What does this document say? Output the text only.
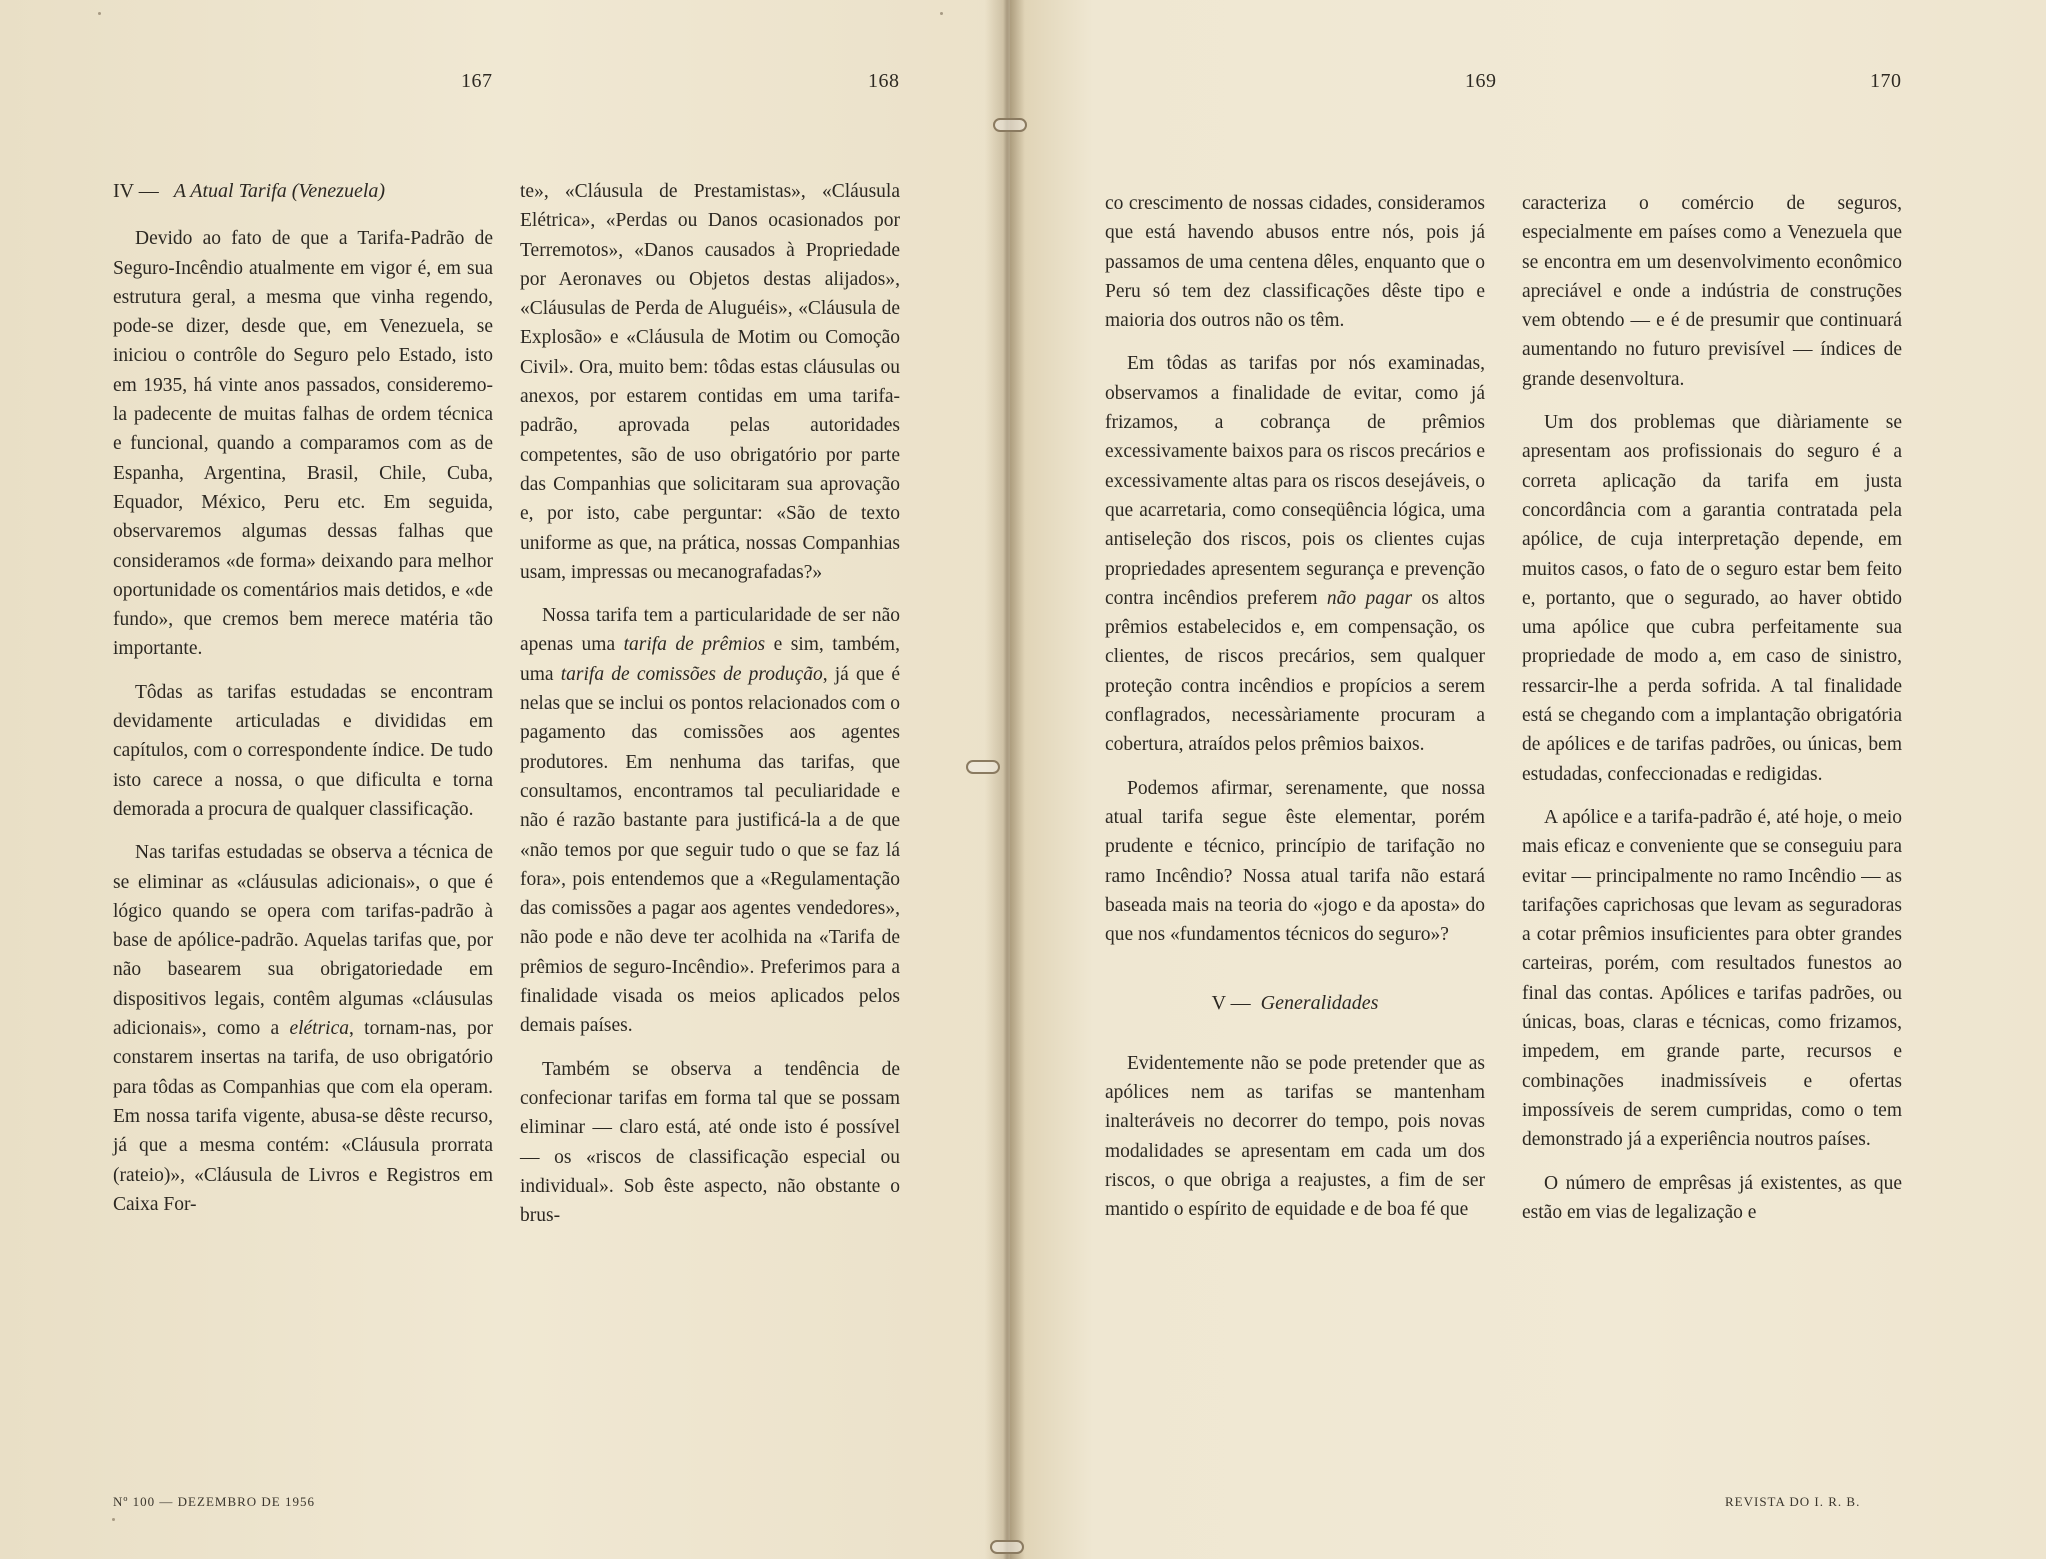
167	168	169	170

IV — A Atual Tarifa (Venezuela)

Devido ao fato de que a Tarifa-Padrão de Seguro-Incêndio atualmente em vigor é, em sua estrutura geral, a mesma que vinha regendo, pode-se dizer, desde que, em Venezuela, se iniciou o contrôle do Seguro pelo Estado, isto em 1935, há vinte anos passados, consideremo-la padecente de muitas falhas de ordem técnica e funcional, quando a comparamos com as de Espanha, Argentina, Brasil, Chile, Cuba, Equador, México, Peru etc. Em seguida, observaremos algumas dessas falhas que consideramos «de forma» deixando para melhor oportunidade os comentários mais detidos, e «de fundo», que cremos bem merece matéria tão importante.

Tôdas as tarifas estudadas se encontram devidamente articuladas e divididas em capítulos, com o correspondente índice. De tudo isto carece a nossa, o que dificulta e torna demorada a procura de qualquer classificação.

Nas tarifas estudadas se observa a técnica de se eliminar as «cláusulas adicionais», o que é lógico quando se opera com tarifas-padrão à base de apólice-padrão. Aquelas tarifas que, por não basearem sua obrigatoriedade em dispositivos legais, contêm algumas «cláusulas adicionais», como a elétrica, tornam-nas, por constarem insertas na tarifa, de uso obrigatório para tôdas as Companhias que com ela operam. Em nossa tarifa vigente, abusa-se dêste recurso, já que a mesma contém: «Cláusula prorrata (rateio)», «Cláusula de Livros e Registros em Caixa For-

te», «Cláusula de Prestamistas», «Cláusula Elétrica», «Perdas ou Danos ocasionados por Terremotos», «Danos causados à Propriedade por Aeronaves ou Objetos destas alijados», «Cláusulas de Perda de Aluguéis», «Cláusula de Explosão» e «Cláusula de Motim ou Comoção Civil». Ora, muito bem: tôdas estas cláusulas ou anexos, por estarem contidas em uma tarifa-padrão, aprovada pelas autoridades competentes, são de uso obrigatório por parte das Companhias que solicitaram sua aprovação e, por isto, cabe perguntar: «São de texto uniforme as que, na prática, nossas Companhias usam, impressas ou mecanografadas?»

Nossa tarifa tem a particularidade de ser não apenas uma tarifa de prêmios e sim, também, uma tarifa de comissões de produção, já que é nelas que se inclui os pontos relacionados com o pagamento das comissões aos agentes produtores. Em nenhuma das tarifas, que consultamos, encontramos tal peculiaridade e não é razão bastante para justificá-la a de que «não temos por que seguir tudo o que se faz lá fora», pois entendemos que a «Regulamentação das comissões a pagar aos agentes vendedores», não pode e não deve ter acolhida na «Tarifa de prêmios de seguro-Incêndio». Preferimos para a finalidade visada os meios aplicados pelos demais países.

Também se observa a tendência de confecionar tarifas em forma tal que se possam eliminar — claro está, até onde isto é possível — os «riscos de classificação especial ou individual». Sob êste aspecto, não obstante o brus-

co crescimento de nossas cidades, consideramos que está havendo abusos entre nós, pois já passamos de uma centena dêles, enquanto que o Peru só tem dez classificações dêste tipo e maioria dos outros não os têm.

Em tôdas as tarifas por nós examinadas, observamos a finalidade de evitar, como já frizamos, a cobrança de prêmios excessivamente baixos para os riscos precários e excessivamente altas para os riscos desejáveis, o que acarretaria, como conseqüência lógica, uma antiseleção dos riscos, pois os clientes cujas propriedades apresentem segurança e prevenção contra incêndios preferem não pagar os altos prêmios estabelecidos e, em compensação, os clientes, de riscos precários, sem qualquer proteção contra incêndios e propícios a serem conflagrados, necessàriamente procuram a cobertura, atraídos pelos prêmios baixos.

Podemos afirmar, serenamente, que nossa atual tarifa segue êste elementar, porém prudente e técnico, princípio de tarifação no ramo Incêndio? Nossa atual tarifa não estará baseada mais na teoria do «jogo e da aposta» do que nos «fundamentos técnicos do seguro»?

V — Generalidades

Evidentemente não se pode pretender que as apólices nem as tarifas se mantenham inalteráveis no decorrer do tempo, pois novas modalidades se apresentam em cada um dos riscos, o que obriga a reajustes, a fim de ser mantido o espírito de equidade e de boa fé que

caracteriza o comércio de seguros, especialmente em países como a Venezuela que se encontra em um desenvolvimento econômico apreciável e onde a indústria de construções vem obtendo — e é de presumir que continuará aumentando no futuro previsível — índices de grande desenvoltura.

Um dos problemas que diàriamente se apresentam aos profissionais do seguro é a correta aplicação da tarifa em justa concordância com a garantia contratada pela apólice, de cuja interpretação depende, em muitos casos, o fato de o seguro estar bem feito e, portanto, que o segurado, ao haver obtido uma apólice que cubra perfeitamente sua propriedade de modo a, em caso de sinistro, ressarcir-lhe a perda sofrida. A tal finalidade está se chegando com a implantação obrigatória de apólices e de tarifas padrões, ou únicas, bem estudadas, confeccionadas e redigidas.

A apólice e a tarifa-padrão é, até hoje, o meio mais eficaz e conveniente que se conseguiu para evitar — principalmente no ramo Incêndio — as tarifações caprichosas que levam as seguradoras a cotar prêmios insuficientes para obter grandes carteiras, porém, com resultados funestos ao final das contas. Apólices e tarifas padrões, ou únicas, boas, claras e técnicas, como frizamos, impedem, em grande parte, recursos e combinações inadmissíveis e ofertas impossíveis de serem cumpridas, como o tem demonstrado já a experiência noutros países.

O número de emprêsas já existentes, as que estão em vias de legalização e

Nº 100 — DEZEMBRO DE 1956	REVISTA DO I. R. B.
